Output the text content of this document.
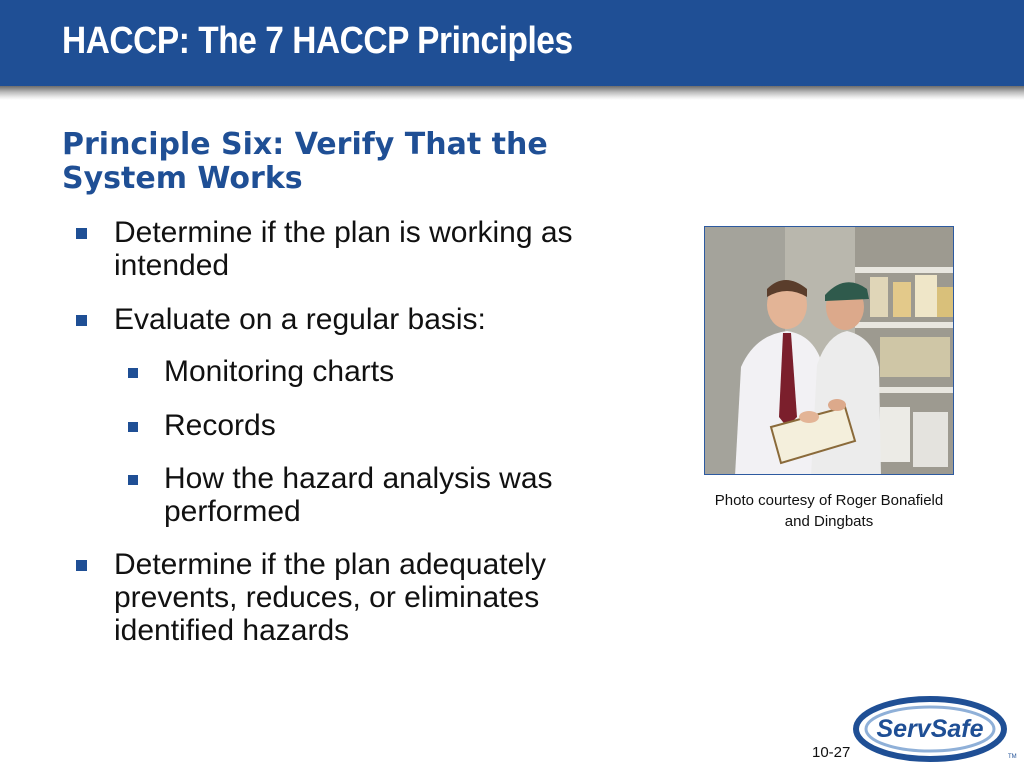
HACCP: The 7 HACCP Principles
Principle Six: Verify That the System Works
Determine if the plan is working as intended
Evaluate on a regular basis:
Monitoring charts
Records
How the hazard analysis was performed
Determine if the plan adequately prevents, reduces, or eliminates identified hazards
Photo courtesy of Roger Bonafield and Dingbats
10-27
ServSafe
TM
